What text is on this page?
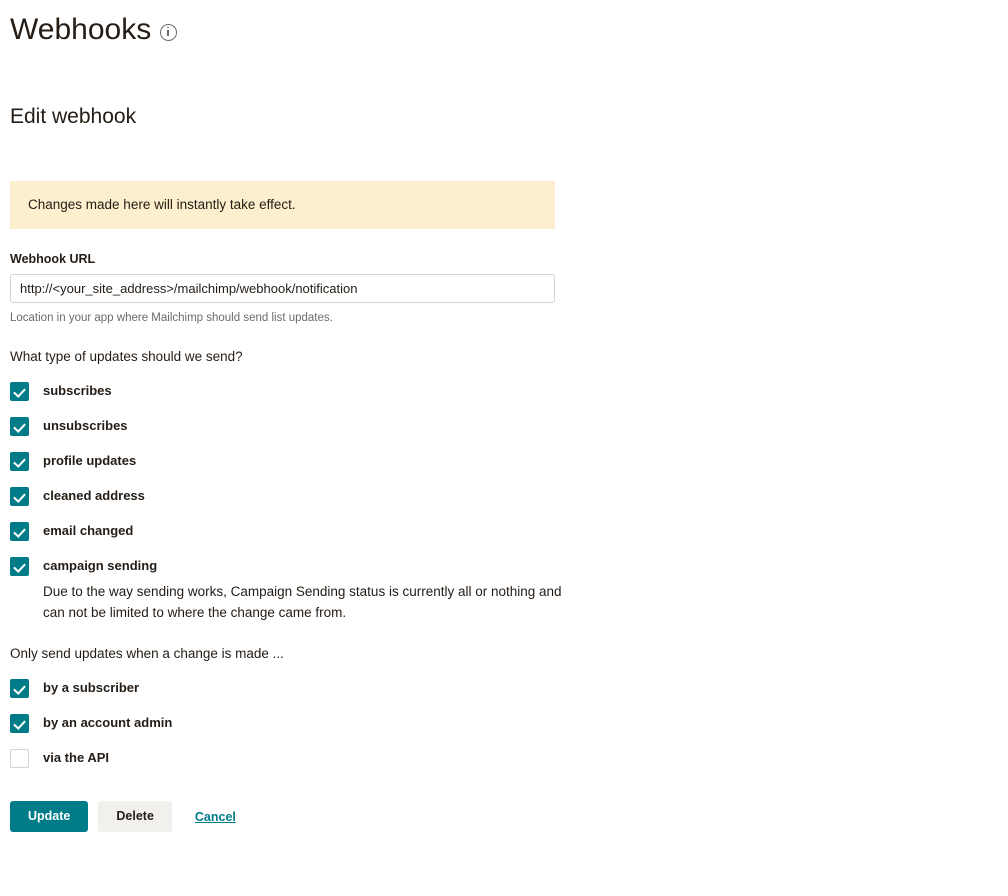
Webhooks
Edit webhook
Changes made here will instantly take effect.
Webhook URL
http://<your_site_address>/mailchimp/webhook/notification
Location in your app where Mailchimp should send list updates.
What type of updates should we send?
subscribes
unsubscribes
profile updates
cleaned address
email changed
campaign sending
Due to the way sending works, Campaign Sending status is currently all or nothing and can not be limited to where the change came from.
Only send updates when a change is made ...
by a subscriber
by an account admin
via the API
Update	Delete	Cancel
